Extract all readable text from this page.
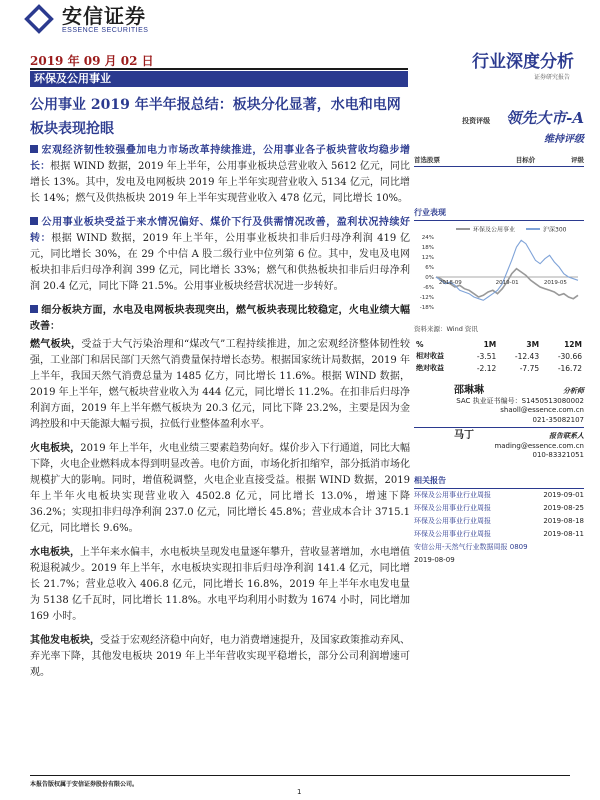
安信证券
ESSENCE SECURITIES
2019 年 09 月 02 日	行业深度分析
证券研究报告
环保及公用事业
公用事业 2019 年半年报总结：板块分化显著，水电和电网板块表现抢眼
宏观经济韧性较强叠加电力市场改革持续推进，公用事业各子板块营收均稳步增长：根据 WIND 数据，2019 年上半年，公用事业板块总营业收入 5612 亿元，同比增长 13%。其中，发电及电网板块 2019 年上半年实现营业收入 5134 亿元，同比增长 14%；燃气及供热板块 2019 年上半年实现营业收入 478 亿元，同比增长 10%。
公用事业板块受益于来水情况偏好、煤价下行及供需情况改善，盈利状况持续好转：根据 WIND 数据，2019 年上半年，公用事业板块扣非后归母净利润 419 亿元，同比增长 30%，在 29 个中信 A 股二级行业中位列第 6 位。其中，发电及电网板块扣非后归母净利润 399 亿元，同比增长 33%；燃气和供热板块扣非后归母净利润 20.4 亿元，同比下降 21.5%。公用事业板块经营状况进一步转好。
细分板块方面，水电及电网板块表现突出，燃气板块表现比较稳定，火电业绩大幅改善：
燃气板块，受益于大气污染治理和“煤改气”工程持续推进，加之宏观经济整体韧性较强，工业部门和居民部门天然气消费量保持增长态势。根据国家统计局数据，2019 年上半年，我国天然气消费总量为 1485 亿方，同比增长 11.6%。根据 WIND 数据，2019 年上半年，燃气板块营业收入为 444 亿元，同比增长 11.2%。在扣非后归母净利润方面，2019 年上半年燃气板块为 20.3 亿元，同比下降 23.2%，主要是因为金鸿控股和中天能源大幅亏损，拉低行业整体盈利水平。
火电板块，2019 年上半年，火电业绩三要素趋势向好。煤价步入下行通道，同比大幅下降，火电企业燃料成本得到明显改善。电价方面，市场化折扣缩窄，部分抵消市场化规模扩大的影响。同时，增值税调整，火电企业直接受益。根据 WIND 数据，2019 年上半年火电板块实现营业收入 4502.8 亿元，同比增长 13.0%，增速下降 36.2%；实现扣非归母净利润 237.0 亿元，同比增长 45.8%；营业成本合计 3715.1 亿元，同比增长 9.6%。
水电板块，上半年来水偏丰，水电板块呈现发电量逐年攀升，营收显著增加，水电增值税退税减少。2019 年上半年，水电板块实现扣非后归母净利润 141.4 亿元，同比增长 21.7%；营业总收入 406.8 亿元，同比增长 16.8%，2019 年上半年水电发电量为 5138 亿千瓦时，同比增长 11.8%。水电平均利用小时数为 1674 小时，同比增加 169 小时。
其他发电板块，受益于宏观经济稳中向好，电力消费增速提升，及国家政策推动弃风、弃光率下降，其他发电板块 2019 年上半年营收实现平稳增长，部分公司利润增速可观。
投资评级 领先大市-A
维持评级
首选股票	目标价	评级
行业表现
环保及公用事业	沪深300
24%
18%
12%
6%
0%
-6%
-12%
-18%
2018-09	2019-01	2019-05
资料来源：Wind 资讯
%	1M	3M	12M
相对收益	-3.51	-12.43	-30.66
绝对收益	-2.12	-7.75	-16.72
邵琳琳	分析师
SAC 执业证书编号：S1450513080002
shaoll@essence.com.cn
021-35082107
马丁	报告联系人
mading@essence.com.cn
010-83321051
相关报告
环保及公用事业行业周报	2019-09-01
环保及公用事业行业周报	2019-08-25
环保及公用事业行业周报	2019-08-18
环保及公用事业行业周报	2019-08-11
安信公用-天然气行业数据周报 0809
2019-08-09
本报告版权属于安信证券股份有限公司。
1
